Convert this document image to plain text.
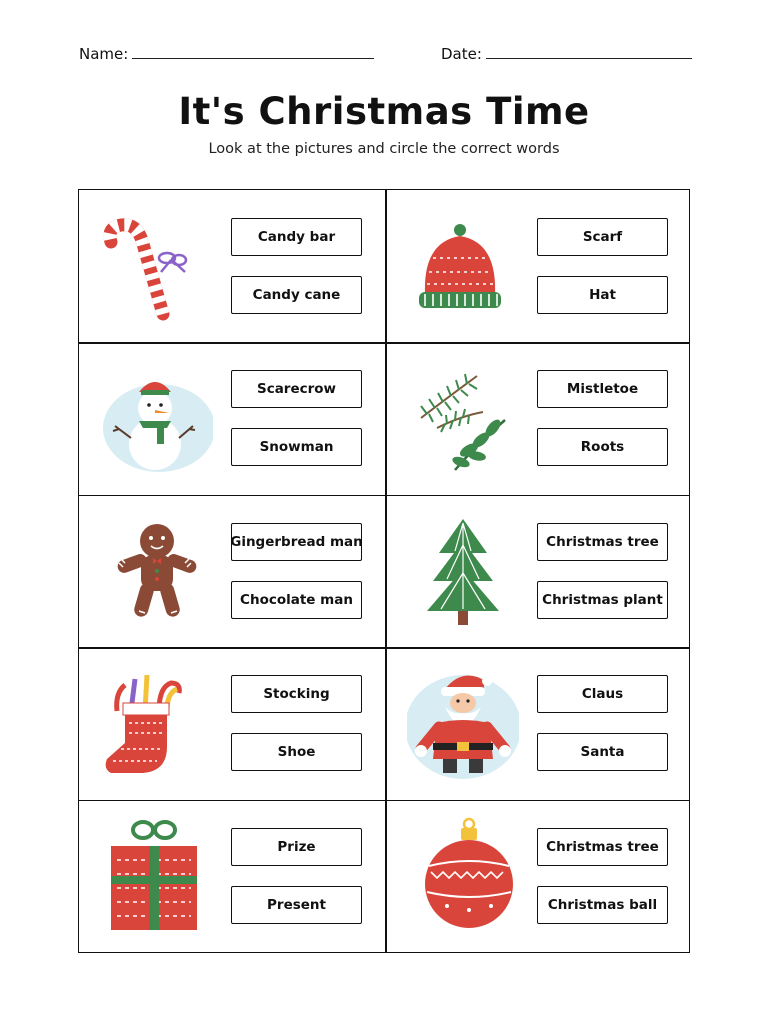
Name:	Date:
It's Christmas Time
Look at the pictures and circle the correct words
Candy bar
Candy cane
Scarf
Hat
Scarecrow
Snowman
Mistletoe
Roots
Gingerbread man
Chocolate man
Christmas tree
Christmas plant
Stocking
Shoe
Claus
Santa
Prize
Present
Christmas tree
Christmas ball
